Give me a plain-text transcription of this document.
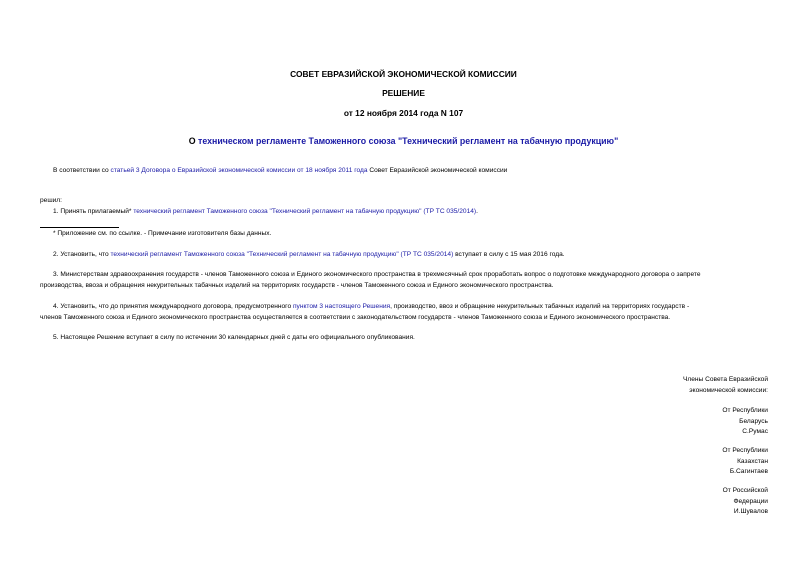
СОВЕТ ЕВРАЗИЙСКОЙ ЭКОНОМИЧЕСКОЙ КОМИССИИ
РЕШЕНИЕ
от 12 ноября 2014 года N 107
О техническом регламенте Таможенного союза "Технический регламент на табачную продукцию"
В соответствии со статьей 3 Договора о Евразийской экономической комиссии от 18 ноября 2011 года Совет Евразийской экономической комиссии
решил:
1. Принять прилагаемый* технический регламент Таможенного союза "Технический регламент на табачную продукцию" (ТР ТС 035/2014).
* Приложение см. по ссылке. - Примечание изготовителя базы данных.
2. Установить, что технический регламент Таможенного союза "Технический регламент на табачную продукцию" (ТР ТС 035/2014) вступает в силу с 15 мая 2016 года.
3. Министерствам здравоохранения государств - членов Таможенного союза и Единого экономического пространства в трехмесячный срок проработать вопрос о подготовке международного договора о запрете
производства, ввоза и обращения некурительных табачных изделий на территориях государств - членов Таможенного союза и Единого экономического пространства.
4. Установить, что до принятия международного договора, предусмотренного пунктом 3 настоящего Решения, производство, ввоз и обращение некурительных табачных изделий на территориях государств -
членов Таможенного союза и Единого экономического пространства осуществляется в соответствии с законодательством государств - членов Таможенного союза и Единого экономического пространства.
5. Настоящее Решение вступает в силу по истечении 30 календарных дней с даты его официального опубликования.
Члены Совета Евразийской
экономической комиссии:
От Республики
Беларусь
С.Румас
От Республики
Казахстан
Б.Сагинтаев
От Российской
Федерации
И.Шувалов
